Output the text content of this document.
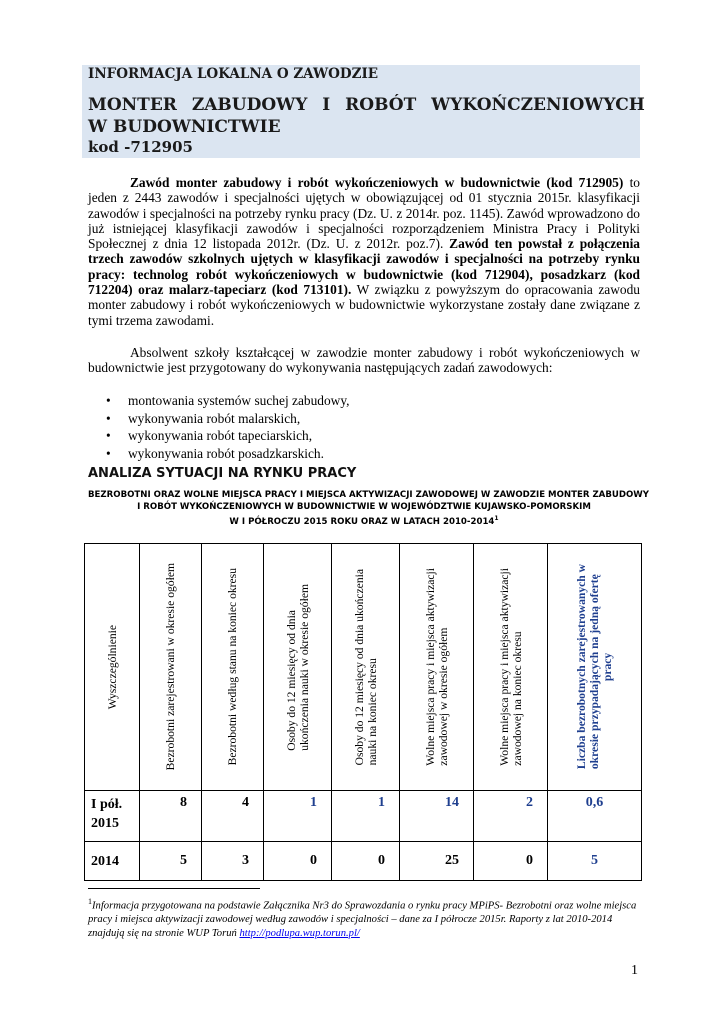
INFORMACJA LOKALNA O ZAWODZIE
MONTER ZABUDOWY I ROBÓT WYKOŃCZENIOWYCH
W BUDOWNICTWIE
kod -712905
Zawód monter zabudowy i robót wykończeniowych w budownictwie (kod 712905) to jeden z 2443 zawodów i specjalności ujętych w obowiązującej od 01 stycznia 2015r. klasyfikacji zawodów i specjalności na potrzeby rynku pracy (Dz. U. z 2014r. poz. 1145). Zawód wprowadzono do już istniejącej klasyfikacji zawodów i specjalności rozporządzeniem Ministra Pracy i Polityki Społecznej z dnia 12 listopada 2012r. (Dz. U. z 2012r. poz.7). Zawód ten powstał z połączenia trzech zawodów szkolnych ujętych w klasyfikacji zawodów i specjalności na potrzeby rynku pracy: technolog robót wykończeniowych w budownictwie (kod 712904), posadzkarz (kod 712204) oraz malarz-tapeciarz (kod 713101). W związku z powyższym do opracowania zawodu monter zabudowy i robót wykończeniowych w budownictwie wykorzystane zostały dane związane z tymi trzema zawodami.
Absolwent szkoły kształcącej w zawodzie monter zabudowy i robót wykończeniowych w budownictwie jest przygotowany do wykonywania następujących zadań zawodowych:
• montowania systemów suchej zabudowy,
• wykonywania robót malarskich,
• wykonywania robót tapeciarskich,
• wykonywania robót posadzkarskich.
ANALIZA SYTUACJI NA RYNKU PRACY
BEZROBOTNI ORAZ WOLNE MIEJSCA PRACY I MIEJSCA AKTYWIZACJI ZAWODOWEJ W ZAWODZIE MONTER ZABUDOWY
I ROBÓT WYKOŃCZENIOWYCH W BUDOWNICTWIE W WOJEWÓDZTWIE KUJAWSKO-POMORSKIM
W I PÓŁROCZU 2015 ROKU ORAZ W LATACH 2010-2014$^1$
Wyszczególnienie	Bezrobotni zarejestrowani w okresie ogółem	Bezrobotni według stanu na koniec okresu	Osoby do 12 miesięcy od dnia ukończenia nauki w okresie ogółem	Osoby do 12 miesięcy od dnia ukończenia nauki na koniec okresu	Wolne miejsca pracy i miejsca aktywizacji zawodowej w okresie ogółem	Wolne miejsca pracy i miejsca aktywizacji zawodowej na koniec okresu	Liczba bezrobotnych zarejestrowanych w okresie przypadających na jedną ofertę pracy

I pół.
2015	8	4	1	1	14	2	0,6
2014	5	3	0	0	25	0	5
$^1$Informacja przygotowana na podstawie Załącznika Nr3 do Sprawozdania o rynku pracy MPiPS- Bezrobotni oraz wolne miejsca pracy i miejsca aktywizacji zawodowej według zawodów i specjalności – dane za I półrocze 2015r. Raporty z lat 2010-2014 znajdują się na stronie WUP Toruń http://podlupa.wup.torun.pl/
1
